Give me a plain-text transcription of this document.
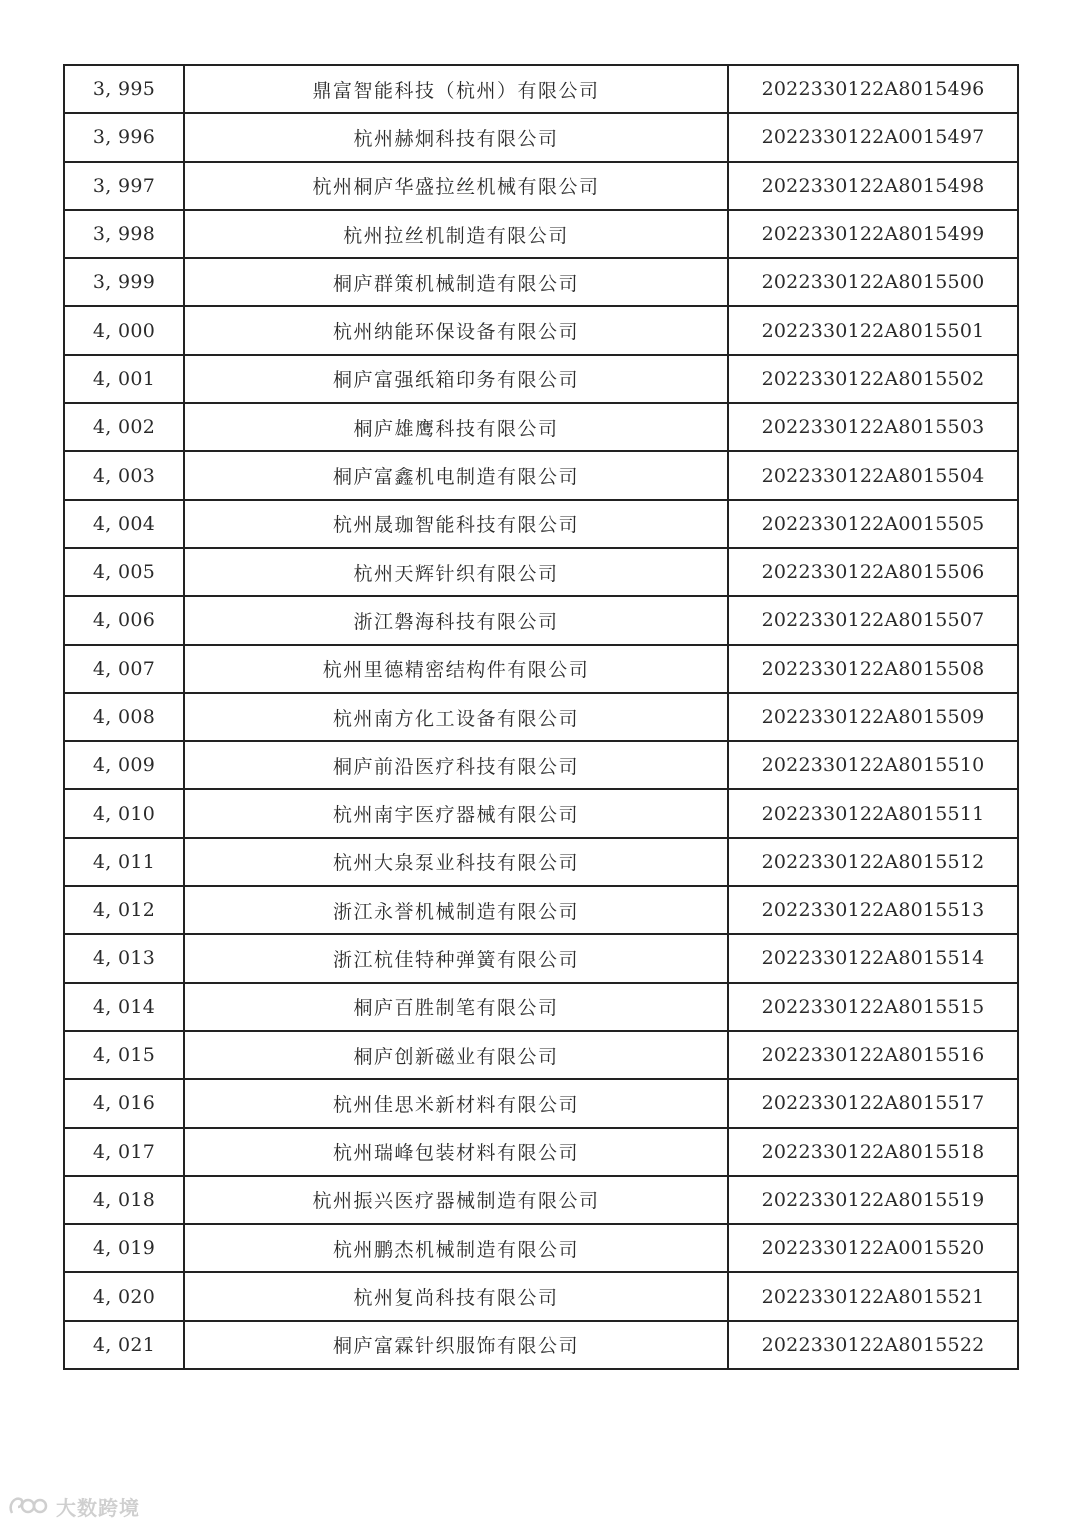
3, 995	鼎富智能科技（杭州）有限公司	2022330122A8015496
3, 996	杭州赫炯科技有限公司	2022330122A0015497
3, 997	杭州桐庐华盛拉丝机械有限公司	2022330122A8015498
3, 998	杭州拉丝机制造有限公司	2022330122A8015499
3, 999	桐庐群策机械制造有限公司	2022330122A8015500
4, 000	杭州纳能环保设备有限公司	2022330122A8015501
4, 001	桐庐富强纸箱印务有限公司	2022330122A8015502
4, 002	桐庐雄鹰科技有限公司	2022330122A8015503
4, 003	桐庐富鑫机电制造有限公司	2022330122A8015504
4, 004	杭州晟珈智能科技有限公司	2022330122A0015505
4, 005	杭州天辉针织有限公司	2022330122A8015506
4, 006	浙江磐海科技有限公司	2022330122A8015507
4, 007	杭州里德精密结构件有限公司	2022330122A8015508
4, 008	杭州南方化工设备有限公司	2022330122A8015509
4, 009	桐庐前沿医疗科技有限公司	2022330122A8015510
4, 010	杭州南宇医疗器械有限公司	2022330122A8015511
4, 011	杭州大泉泵业科技有限公司	2022330122A8015512
4, 012	浙江永誉机械制造有限公司	2022330122A8015513
4, 013	浙江杭佳特种弹簧有限公司	2022330122A8015514
4, 014	桐庐百胜制笔有限公司	2022330122A8015515
4, 015	桐庐创新磁业有限公司	2022330122A8015516
4, 016	杭州佳思米新材料有限公司	2022330122A8015517
4, 017	杭州瑞峰包装材料有限公司	2022330122A8015518
4, 018	杭州振兴医疗器械制造有限公司	2022330122A8015519
4, 019	杭州鹏杰机械制造有限公司	2022330122A0015520
4, 020	杭州复尚科技有限公司	2022330122A8015521
4, 021	桐庐富霖针织服饰有限公司	2022330122A8015522
大数跨境
